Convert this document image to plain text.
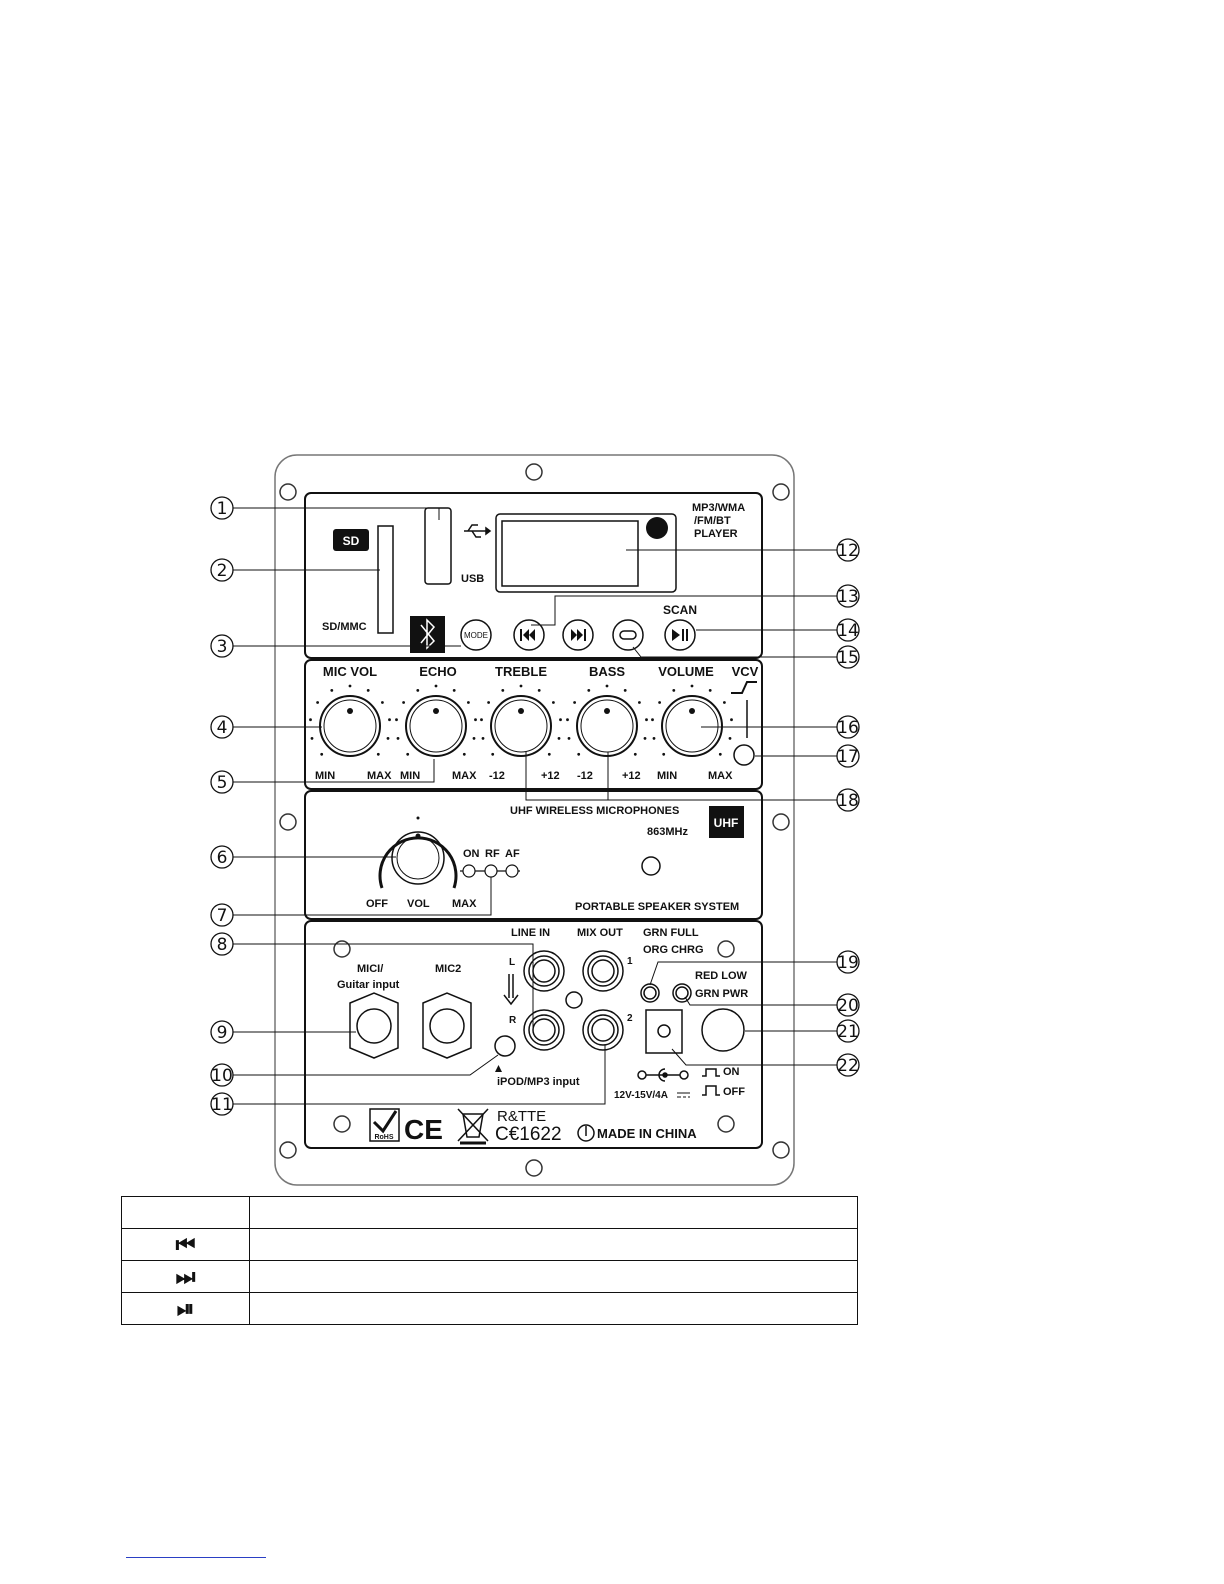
SD
SD/MMC
USB
MP3/WMA
/FM/BT
PLAYER
MODE
SCAN
MIC VOL	ECHO	TREBLE	BASS	VOLUME VCV
MIN	MAX MIN	MAX -12	+12 -12	+12 MIN	MAX
UHF WIRELESS MICROPHONES
863MHz
UHF
OFF VOL MAX
ON RF AF
PORTABLE SPEAKER SYSTEM
LINE IN MIX OUT GRN FULL
ORG CHRG
RED LOW
GRN PWR
MICI/
Guitar input
MIC2
L
R
1
2
iPOD/MP3 input
12V-15V/4A
ON
OFF
RoHS CE	R&TTE
C€1622	MADE IN CHINA
1
2
3
4
5
6
7
8
9
10
11
12
13
14
15
16
17
18
19
20
21
22

⏮	
⏭	
⏯	
